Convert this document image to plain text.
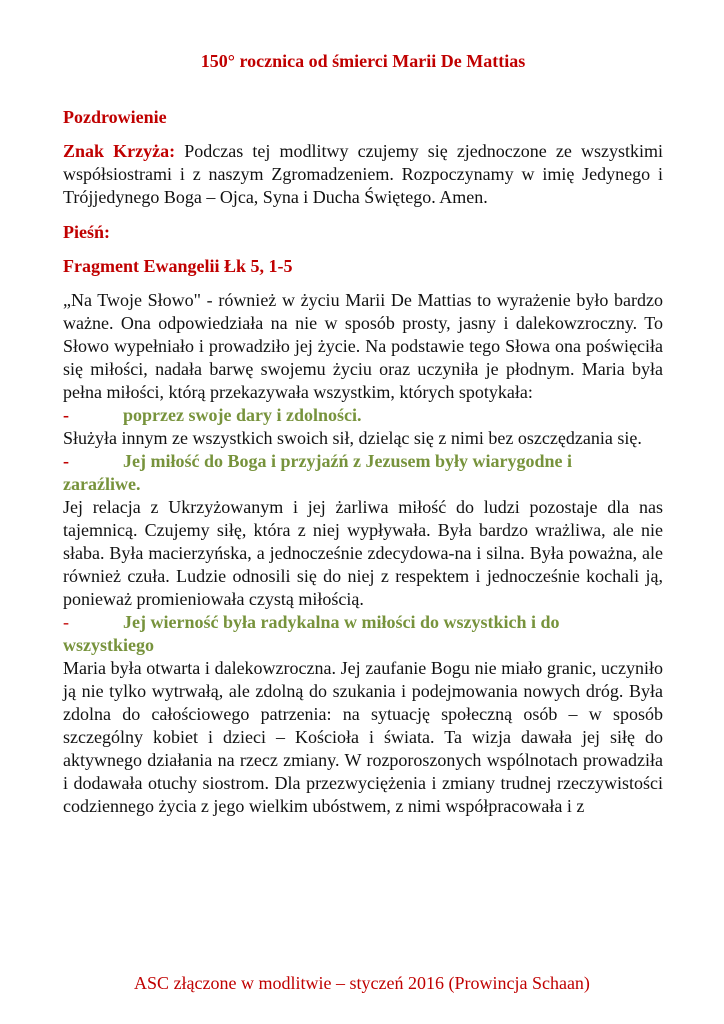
150° rocznica od śmierci Marii De Mattias

Pozdrowienie

Znak Krzyża: Podczas tej modlitwy czujemy się zjednoczone ze wszystkimi współsiostrami i z naszym Zgromadzeniem. Rozpoczynamy w imię Jedynego i Trójjedynego Boga – Ojca, Syna i Ducha Świętego. Amen.

Pieśń:

Fragment Ewangelii Łk 5, 1-5

„Na Twoje Słowo" - również w życiu Marii De Mattias to wyrażenie było bardzo ważne. Ona odpowiedziała na nie w sposób prosty, jasny i dalekowzroczny. To Słowo wypełniało i prowadziło jej życie. Na podstawie tego Słowa ona poświęciła się miłości, nadała barwę swojemu życiu oraz uczyniła je płodnym. Maria była pełna miłości, którą przekazywała wszystkim, których spotykała:

-	poprzez swoje dary i zdolności.

Służyła innym ze wszystkich swoich sił, dzieląc się z nimi bez oszczędzania się.

-	Jej miłość do Boga i przyjaźń z Jezusem były wiarygodne i

zaraźliwe.

Jej relacja z Ukrzyżowanym i jej żarliwa miłość do ludzi pozostaje dla nas tajemnicą. Czujemy siłę, która z niej wypływała. Była bardzo wrażliwa, ale nie słaba. Była macierzyńska, a jednocześnie zdecydowa-na i silna. Była poważna, ale również czuła. Ludzie odnosili się do niej z respektem i jednocześnie kochali ją, ponieważ promieniowała czystą miłością.

-	Jej wierność była radykalna w miłości do wszystkich i do

wszystkiego

Maria była otwarta i dalekowzroczna. Jej zaufanie Bogu nie miało granic, uczyniło ją nie tylko wytrwałą, ale zdolną do szukania i podejmowania nowych dróg. Była zdolna do całościowego patrzenia: na sytuację społeczną osób – w sposób szczególny kobiet i dzieci – Kościoła i świata. Ta wizja dawała jej siłę do aktywnego działania na rzecz zmiany. W rozporoszonych wspólnotach prowadziła i dodawała otuchy siostrom. Dla przezwyciężenia i zmiany trudnej rzeczywistości codziennego życia z jego wielkim ubóstwem, z nimi współpracowała i z

ASC złączone w modlitwie – styczeń 2016 (Prowincja Schaan)
